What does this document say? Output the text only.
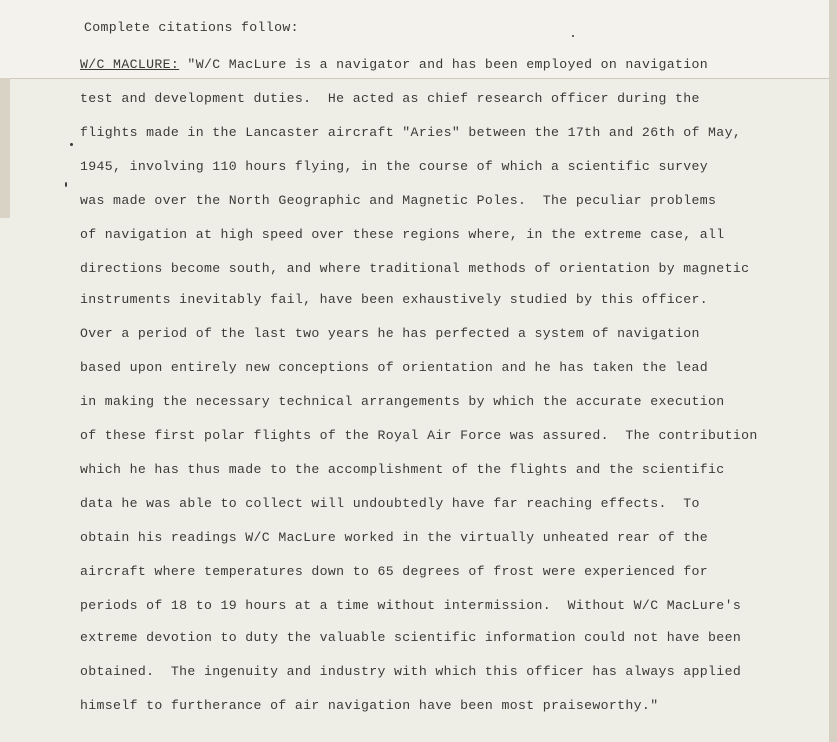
Complete citations follow:
W/C MACLURE: "W/C MacLure is a navigator and has been employed on navigation
test and development duties.  He acted as chief research officer during the
flights made in the Lancaster aircraft "Aries" between the 17th and 26th of May,
1945, involving 110 hours flying, in the course of which a scientific survey
was made over the North Geographic and Magnetic Poles.  The peculiar problems
of navigation at high speed over these regions where, in the extreme case, all
directions become south, and where traditional methods of orientation by magnetic
instruments inevitably fail, have been exhaustively studied by this officer.
Over a period of the last two years he has perfected a system of navigation
based upon entirely new conceptions of orientation and he has taken the lead
in making the necessary technical arrangements by which the accurate execution
of these first polar flights of the Royal Air Force was assured.  The contribution
which he has thus made to the accomplishment of the flights and the scientific
data he was able to collect will undoubtedly have far reaching effects.  To
obtain his readings W/C MacLure worked in the virtually unheated rear of the
aircraft where temperatures down to 65 degrees of frost were experienced for
periods of 18 to 19 hours at a time without intermission.  Without W/C MacLure's
extreme devotion to duty the valuable scientific information could not have been
obtained.  The ingenuity and industry with which this officer has always applied
himself to furtherance of air navigation have been most praiseworthy."
